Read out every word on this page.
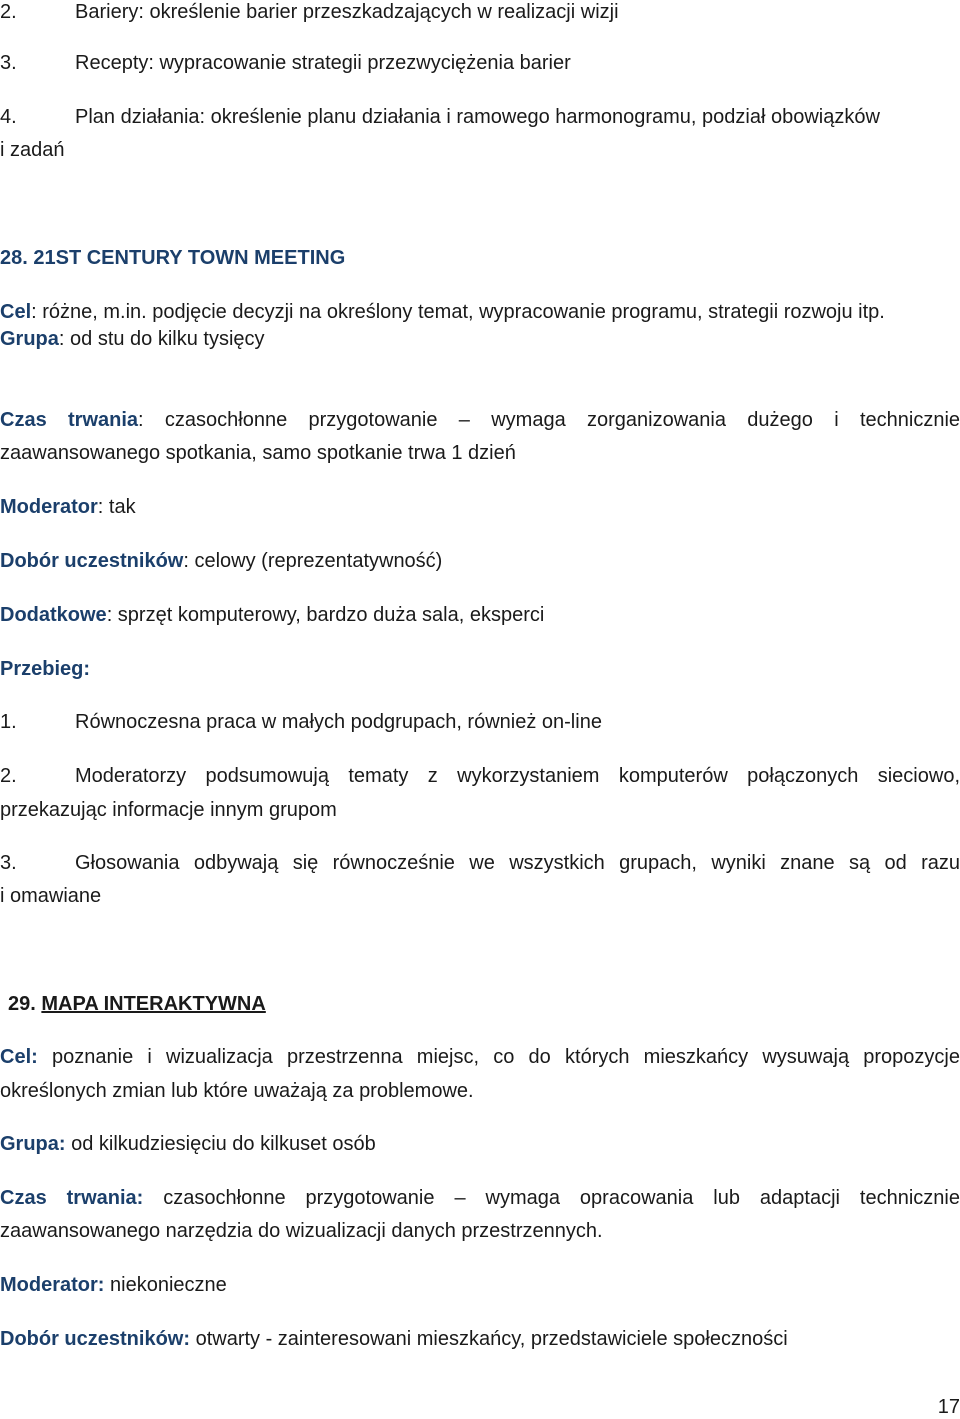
2.	Bariery: określenie barier przeszkadzających w realizacji wizji
3.	Recepty: wypracowanie strategii przezwyciężenia barier
4.	Plan działania: określenie planu działania i ramowego harmonogramu, podział obowiązków
i zadań
28. 21ST CENTURY TOWN MEETING
Cel: różne, m.in. podjęcie decyzji na określony temat, wypracowanie programu, strategii rozwoju itp.
Grupa: od stu do kilku tysięcy
Czas trwania: czasochłonne przygotowanie – wymaga zorganizowania dużego i technicznie
zaawansowanego spotkania, samo spotkanie trwa 1 dzień
Moderator: tak
Dobór uczestników: celowy (reprezentatywność)
Dodatkowe: sprzęt komputerowy, bardzo duża sala, eksperci
Przebieg:
1.	Równoczesna praca w małych podgrupach, również on-line
2.	Moderatorzy podsumowują tematy z wykorzystaniem komputerów połączonych sieciowo,
przekazując informacje innym grupom
3.	Głosowania odbywają się równocześnie we wszystkich grupach, wyniki znane są od razu
i omawiane
29. MAPA INTERAKTYWNA
Cel: poznanie i wizualizacja przestrzenna miejsc, co do których mieszkańcy wysuwają propozycje
określonych zmian lub które uważają za problemowe.
Grupa: od kilkudziesięciu do kilkuset osób
Czas trwania: czasochłonne przygotowanie – wymaga opracowania lub adaptacji technicznie
zaawansowanego narzędzia do wizualizacji danych przestrzennych.
Moderator: niekonieczne
Dobór uczestników: otwarty - zainteresowani mieszkańcy, przedstawiciele społeczności
17
